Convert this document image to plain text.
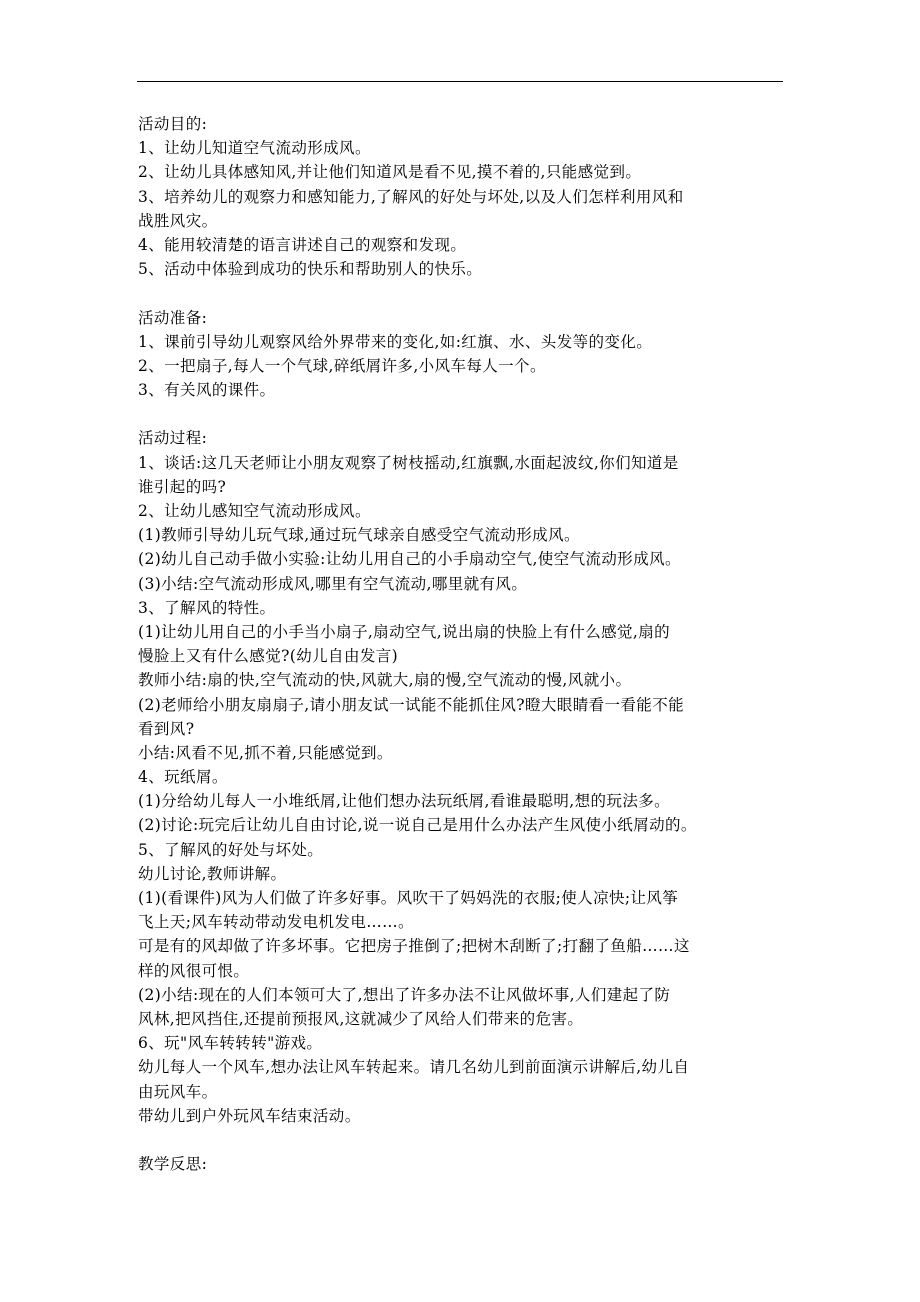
活动目的:
1、让幼儿知道空气流动形成风。
2、让幼儿具体感知风,并让他们知道风是看不见,摸不着的,只能感觉到。
3、培养幼儿的观察力和感知能力,了解风的好处与坏处,以及人们怎样利用风和
战胜风灾。
4、能用较清楚的语言讲述自己的观察和发现。
5、活动中体验到成功的快乐和帮助别人的快乐。
活动准备:
1、课前引导幼儿观察风给外界带来的变化,如:红旗、水、头发等的变化。
2、一把扇子,每人一个气球,碎纸屑许多,小风车每人一个。
3、有关风的课件。
活动过程:
1、谈话:这几天老师让小朋友观察了树枝摇动,红旗飘,水面起波纹,你们知道是
谁引起的吗?
2、让幼儿感知空气流动形成风。
(1)教师引导幼儿玩气球,通过玩气球亲自感受空气流动形成风。
(2)幼儿自己动手做小实验:让幼儿用自己的小手扇动空气,使空气流动形成风。
(3)小结:空气流动形成风,哪里有空气流动,哪里就有风。
3、了解风的特性。
(1)让幼儿用自己的小手当小扇子,扇动空气,说出扇的快脸上有什么感觉,扇的
慢脸上又有什么感觉?(幼儿自由发言)
教师小结:扇的快,空气流动的快,风就大,扇的慢,空气流动的慢,风就小。
(2)老师给小朋友扇扇子,请小朋友试一试能不能抓住风?瞪大眼睛看一看能不能
看到风?
小结:风看不见,抓不着,只能感觉到。
4、玩纸屑。
(1)分给幼儿每人一小堆纸屑,让他们想办法玩纸屑,看谁最聪明,想的玩法多。
(2)讨论:玩完后让幼儿自由讨论,说一说自己是用什么办法产生风使小纸屑动的。
5、了解风的好处与坏处。
幼儿讨论,教师讲解。
(1)(看课件)风为人们做了许多好事。风吹干了妈妈洗的衣服;使人凉快;让风筝
飞上天;风车转动带动发电机发电……。
可是有的风却做了许多坏事。它把房子推倒了;把树木刮断了;打翻了鱼船……这
样的风很可恨。
(2)小结:现在的人们本领可大了,想出了许多办法不让风做坏事,人们建起了防
风林,把风挡住,还提前预报风,这就减少了风给人们带来的危害。
6、玩"风车转转转"游戏。
幼儿每人一个风车,想办法让风车转起来。请几名幼儿到前面演示讲解后,幼儿自
由玩风车。
带幼儿到户外玩风车结束活动。
教学反思:
